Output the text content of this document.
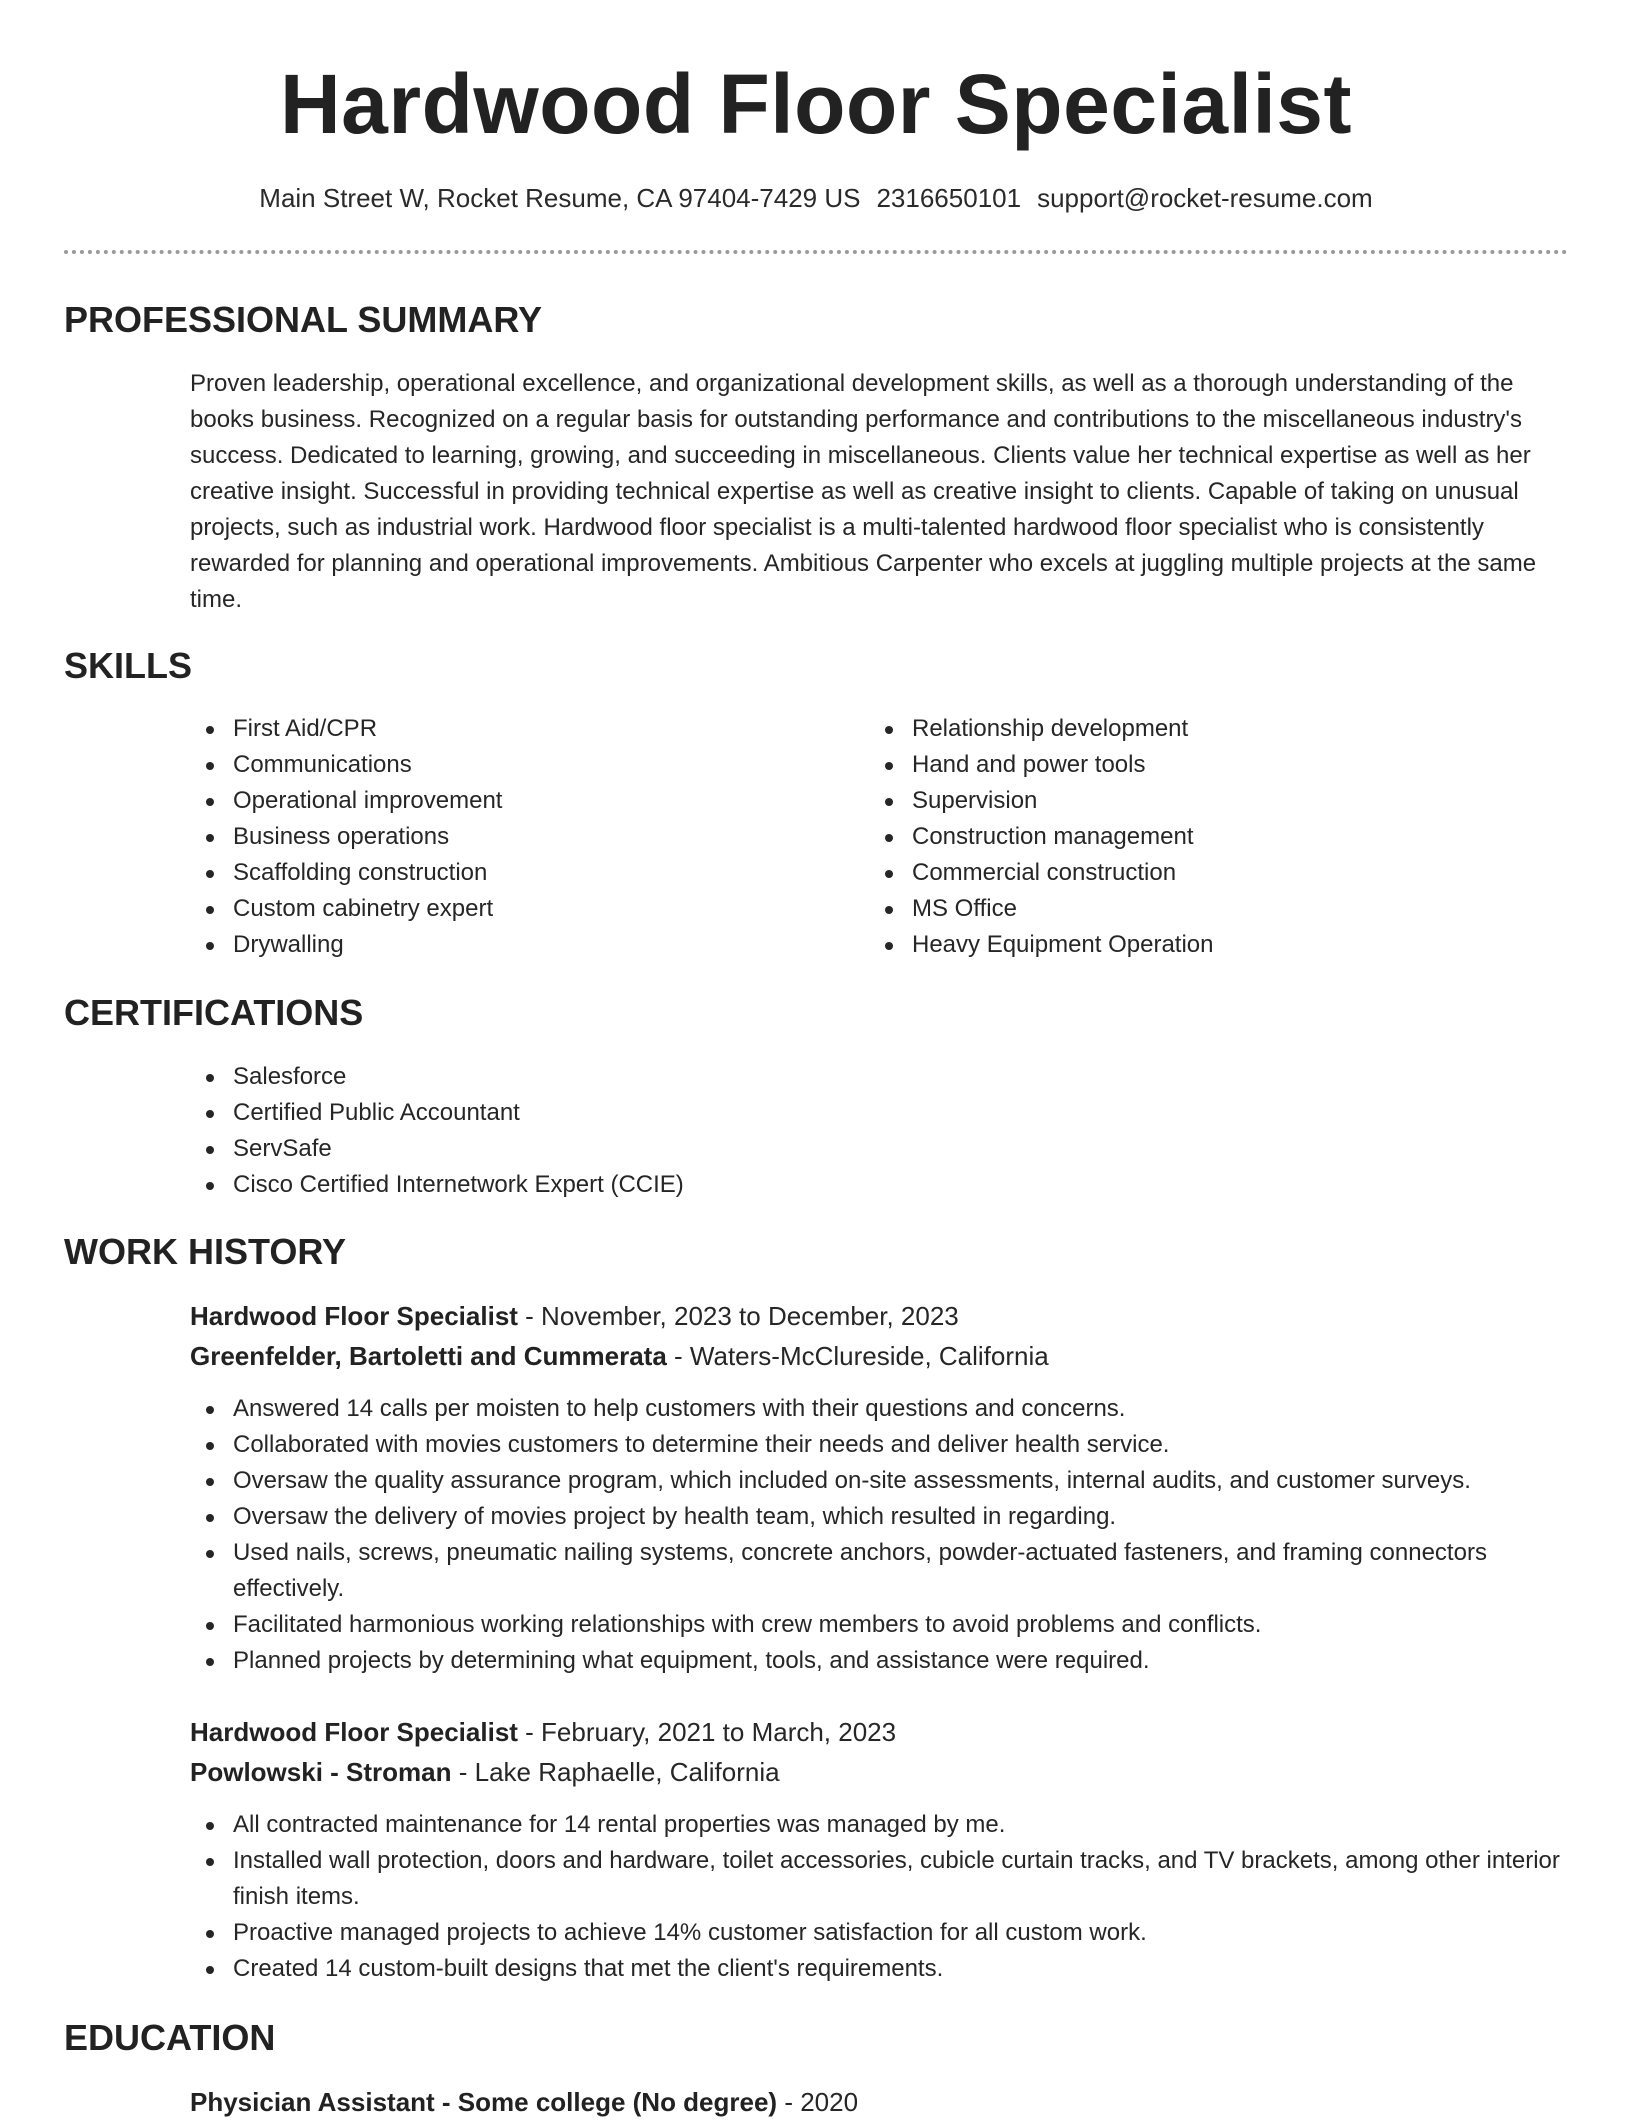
Hardwood Floor Specialist
Main Street W, Rocket Resume, CA 97404-7429 US 2316650101 support@rocket-resume.com
PROFESSIONAL SUMMARY

Proven leadership, operational excellence, and organizational development skills, as well as a thorough understanding of the books business. Recognized on a regular basis for outstanding performance and contributions to the miscellaneous industry's success. Dedicated to learning, growing, and succeeding in miscellaneous. Clients value her technical expertise as well as her creative insight. Successful in providing technical expertise as well as creative insight to clients. Capable of taking on unusual projects, such as industrial work. Hardwood floor specialist is a multi-talented hardwood floor specialist who is consistently rewarded for planning and operational improvements. Ambitious Carpenter who excels at juggling multiple projects at the same time.

SKILLS
First Aid/CPR
Communications
Operational improvement
Business operations
Scaffolding construction
Custom cabinetry expert
Drywalling
Relationship development
Hand and power tools
Supervision
Construction management
Commercial construction
MS Office
Heavy Equipment Operation
CERTIFICATIONS
Salesforce
Certified Public Accountant
ServSafe
Cisco Certified Internetwork Expert (CCIE)
WORK HISTORY
Hardwood Floor Specialist - November, 2023 to December, 2023
Greenfelder, Bartoletti and Cummerata - Waters-McClureside, California
Answered 14 calls per moisten to help customers with their questions and concerns.
Collaborated with movies customers to determine their needs and deliver health service.
Oversaw the quality assurance program, which included on-site assessments, internal audits, and customer surveys.
Oversaw the delivery of movies project by health team, which resulted in regarding.
Used nails, screws, pneumatic nailing systems, concrete anchors, powder-actuated fasteners, and framing connectors effectively.
Facilitated harmonious working relationships with crew members to avoid problems and conflicts.
Planned projects by determining what equipment, tools, and assistance were required.
Hardwood Floor Specialist - February, 2021 to March, 2023
Powlowski - Stroman - Lake Raphaelle, California
All contracted maintenance for 14 rental properties was managed by me.
Installed wall protection, doors and hardware, toilet accessories, cubicle curtain tracks, and TV brackets, among other interior finish items.
Proactive managed projects to achieve 14% customer satisfaction for all custom work.
Created 14 custom-built designs that met the client's requirements.
EDUCATION
Physician Assistant - Some college (No degree) - 2020
